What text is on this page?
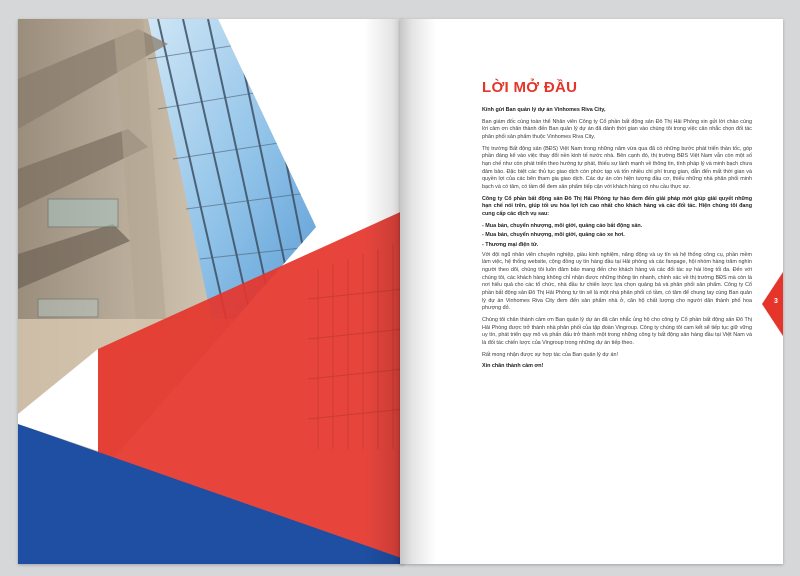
LỜI MỞ ĐẦU

Kính gửi Ban quản lý dự án Vinhomes Riva City,

Ban giám đốc cùng toàn thể Nhân viên Công ty Cổ phần bất động sản Đô Thị Hải Phòng xin gửi lời chào cùng lời cảm ơn chân thành đến Ban quản lý dự án đã dành thời gian vào chúng tôi trong việc cân nhắc chọn đối tác phân phối sản phẩm thuộc Vinhomes Riva City.

Thị trường Bất động sản (BĐS) Việt Nam trong những năm vừa qua đã có những bước phát triển thần tốc, góp phần đáng kể vào việc thay đổi nền kinh tế nước nhà. Bên cạnh đó, thị trường BĐS Việt Nam vẫn còn một số hạn chế như còn phát triển theo hướng tự phát, thiếu sự lành mạnh về thông tin, tính pháp lý và minh bạch chưa đảm bảo. Đặc biệt các thủ tục giao dịch còn phức tạp và tốn nhiều chi phí trung gian, dẫn đến mất thời gian và quyền lợi của các bên tham gia giao dịch. Các dự án còn hiện tượng đầu cơ, thiếu những nhà phân phối minh bạch và có tâm, có tầm để đem sản phẩm tiếp cận với khách hàng có nhu cầu thực sự.

Công ty Cổ phần bất động sản Đô Thị Hải Phòng tự hào đem đến giải pháp mới giúp giải quyết những hạn chế nói trên, giúp tối ưu hóa lợi ích cao nhất cho khách hàng và các đối tác. Hiện chúng tôi đang cung cấp các dịch vụ sau:

- Mua bán, chuyển nhượng, môi giới, quảng cáo bất động sản.

- Mua bán, chuyển nhượng, môi giới, quảng cáo xe hơi.

- Thương mại điện tử.

Với đội ngũ nhân viên chuyên nghiệp, giàu kinh nghiệm, năng động và uy tín và hệ thống công cụ, phần mềm làm việc, hệ thống website, cộng đồng uy tín hàng đầu tại Hải phòng và các fanpage, hội nhóm hàng trăm nghìn người theo dõi, chúng tôi luôn đảm bảo mang đến cho khách hàng và các đối tác sự hài lòng tối đa. Đến với chúng tôi, các khách hàng không chỉ nhận được những thông tin nhanh, chính xác về thị trường BĐS mà còn là nơi hiểu quả cho các tổ chức, nhà đầu tư chiến lược lựa chọn quảng bá và phân phối sản phẩm. Công ty Cổ phần bất động sản Đô Thị Hải Phòng tự tin sẽ là một nhà phân phối có tầm, có tâm để chung tay cùng Ban quản lý dự án Vinhomes Riva City đem đến sản phẩm nhà ở, căn hộ chất lượng cho người dân thành phố hoa phượng đỏ.

Chúng tôi chân thành cảm ơn Ban quản lý dự án đã cân nhắc ủng hộ cho công ty Cổ phần bất động sản Đô Thị Hải Phòng được trở thành nhà phân phối của tập đoàn Vingroup. Công ty chúng tôi cam kết sẽ tiếp tục giữ vững uy tín, phát triển quy mô và phấn đấu trở thành một trong những công ty bất động sản hàng đầu tại Việt Nam và là đối tác chiến lược của Vingroup trong những dự án tiếp theo.

Rất mong nhận được sự hợp tác của Ban quản lý dự án!

Xin chân thành cảm ơn!

3
